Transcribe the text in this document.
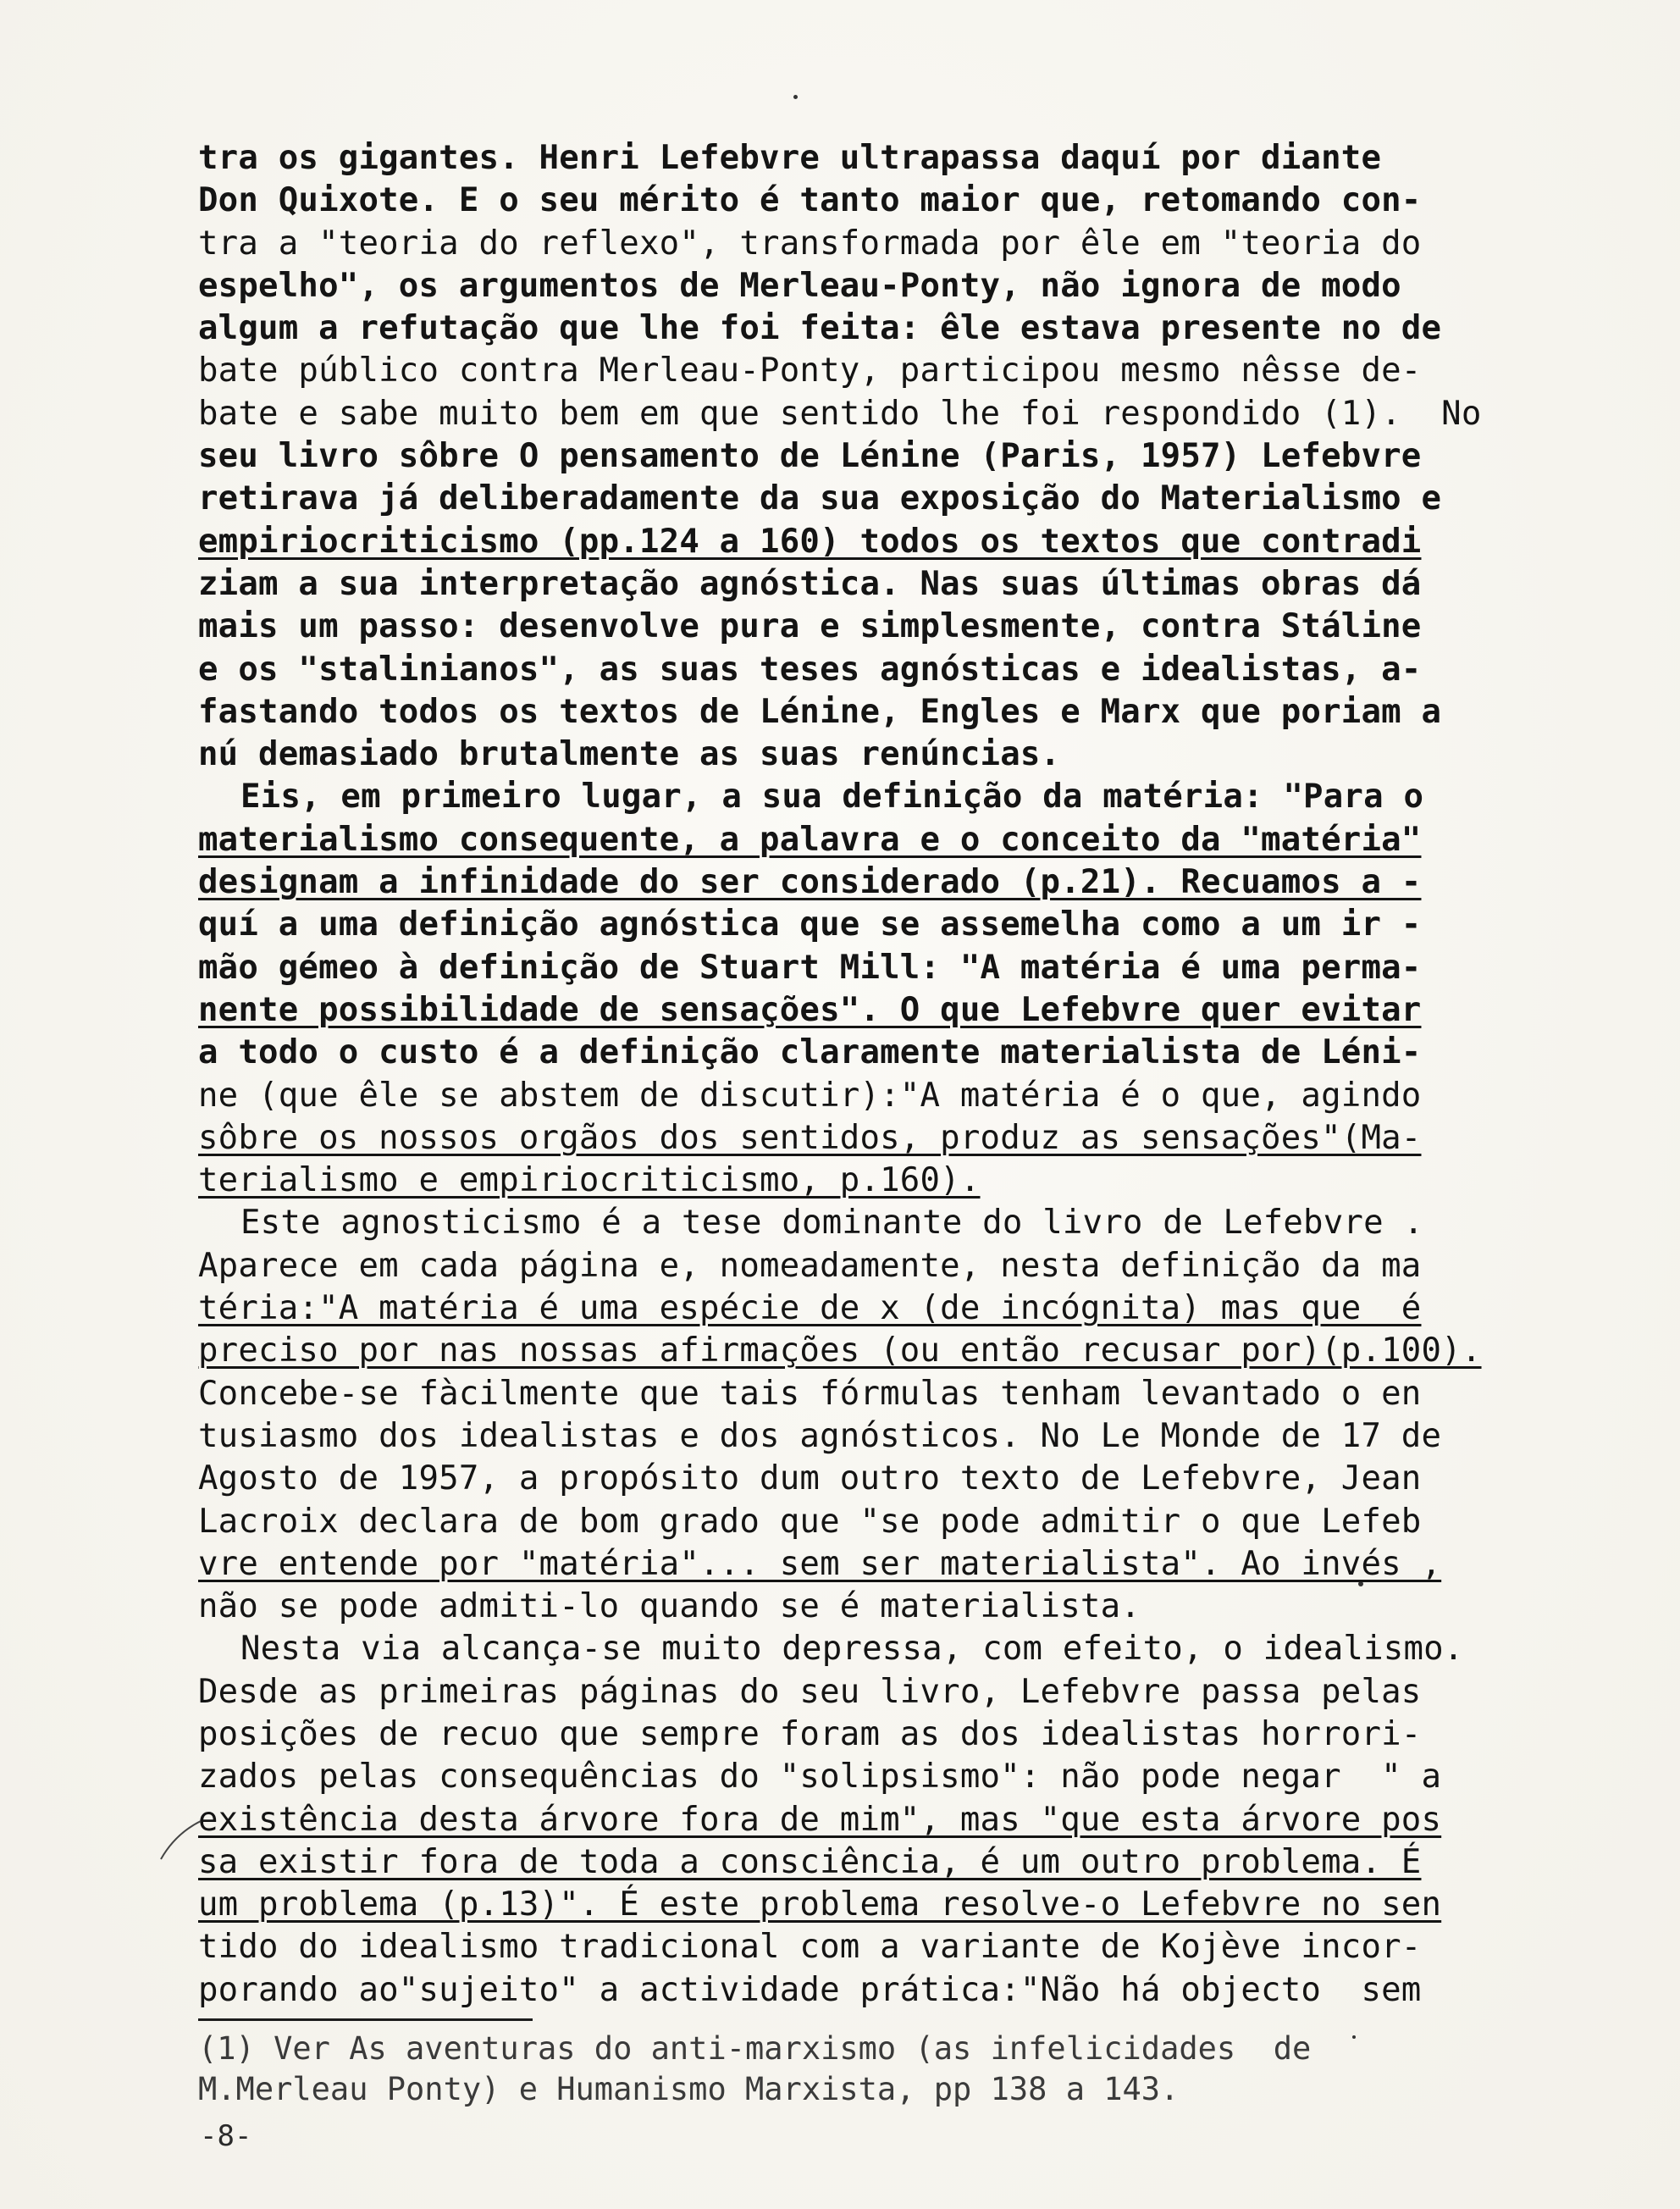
tra os gigantes. Henri Lefebvre ultrapassa daquí por diante
Don Quixote. E o seu mérito é tanto maior que, retomando con-
tra a "teoria do reflexo", transformada por êle em "teoria do
espelho", os argumentos de Merleau-Ponty, não ignora de modo
algum a refutação que lhe foi feita: êle estava presente no de
bate público contra Merleau-Ponty, participou mesmo nêsse de-
bate e sabe muito bem em que sentido lhe foi respondido (1).  No
seu livro sôbre O pensamento de Lénine (Paris, 1957) Lefebvre
retirava já deliberadamente da sua exposição do Materialismo e
empiriocriticismo (pp.124 a 160) todos os textos que contradi
ziam a sua interpretação agnóstica. Nas suas últimas obras dá
mais um passo: desenvolve pura e simplesmente, contra Stáline
e os "stalinianos", as suas teses agnósticas e idealistas, a-
fastando todos os textos de Lénine, Engles e Marx que poriam a
nú demasiado brutalmente as suas renúncias.
Eis, em primeiro lugar, a sua definição da matéria: "Para o
materialismo consequente, a palavra e o conceito da "matéria"
designam a infinidade do ser considerado (p.21). Recuamos a -
quí a uma definição agnóstica que se assemelha como a um ir -
mão gémeo à definição de Stuart Mill: "A matéria é uma perma-
nente possibilidade de sensações". O que Lefebvre quer evitar
a todo o custo é a definição claramente materialista de Léni-
ne (que êle se abstem de discutir):"A matéria é o que, agindo
sôbre os nossos orgãos dos sentidos, produz as sensações"(Ma-
terialismo e empiriocriticismo, p.160).
Este agnosticismo é a tese dominante do livro de Lefebvre .
Aparece em cada página e, nomeadamente, nesta definição da ma
téria:"A matéria é uma espécie de x (de incógnita) mas que  é
preciso por nas nossas afirmações (ou então recusar por)(p.100).
Concebe-se fàcilmente que tais fórmulas tenham levantado o en
tusiasmo dos idealistas e dos agnósticos. No Le Monde de 17 de
Agosto de 1957, a propósito dum outro texto de Lefebvre, Jean
Lacroix declara de bom grado que "se pode admitir o que Lefeb
vre entende por "matéria"... sem ser materialista". Ao invés ,
não se pode admiti-lo quando se é materialista.
Nesta via alcança-se muito depressa, com efeito, o idealismo.
Desde as primeiras páginas do seu livro, Lefebvre passa pelas
posições de recuo que sempre foram as dos idealistas horrori-
zados pelas consequências do "solipsismo": não pode negar  " a
existência desta árvore fora de mim", mas "que esta árvore pos
sa existir fora de toda a consciência, é um outro problema. É
um problema (p.13)". É este problema resolve-o Lefebvre no sen
tido do idealismo tradicional com a variante de Kojève incor-
porando ao"sujeito" a actividade prática:"Não há objecto  sem
(1) Ver As aventuras do anti-marxismo (as infelicidades  de
M.Merleau Ponty) e Humanismo Marxista, pp 138 a 143.
-8-
